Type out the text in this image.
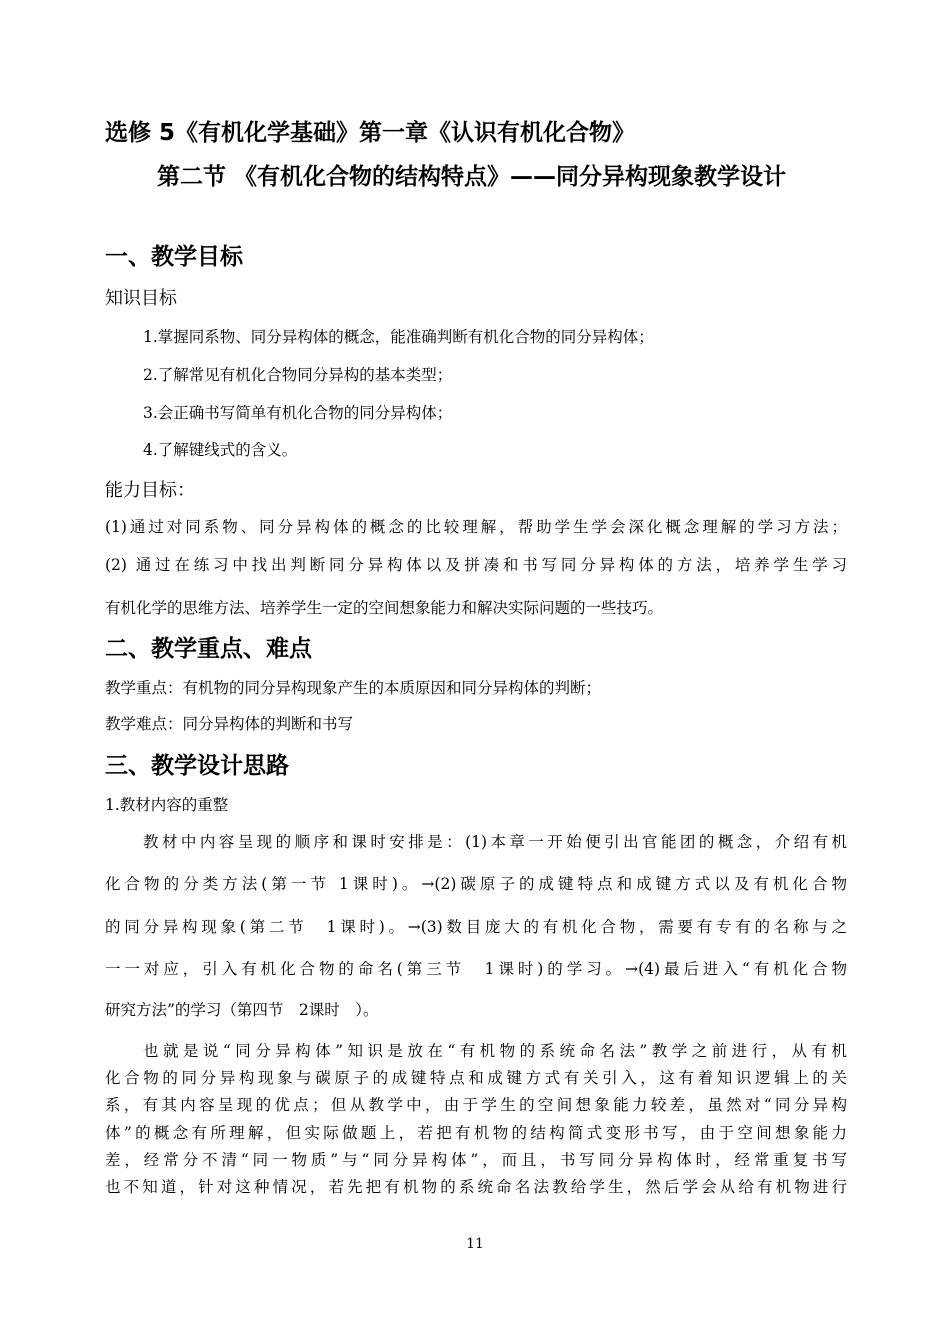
选修 5《有机化学基础》第一章《认识有机化合物》
第二节 《有机化合物的结构特点》——同分异构现象教学设计
一、教学目标
知识目标
1.掌握同系物、同分异构体的概念，能准确判断有机化合物的同分异构体；
2.了解常见有机化合物同分异构的基本类型；
3.会正确书写简单有机化合物的同分异构体；
4.了解键线式的含义。
能力目标：
(1)通过对同系物、同分异构体的概念的比较理解，帮助学生学会深化概念理解的学习方法；
(2) 通过在练习中找出判断同分异构体以及拼凑和书写同分异构体的方法，培养学生学习
有机化学的思维方法、培养学生一定的空间想象能力和解决实际问题的一些技巧。
二、教学重点、难点
教学重点：有机物的同分异构现象产生的本质原因和同分异构体的判断；
教学难点：同分异构体的判断和书写
三、教学设计思路
1.教材内容的重整
教材中内容呈现的顺序和课时安排是：(1)本章一开始便引出官能团的概念，介绍有机
化合物的分类方法(第一节 1课时)。→(2)碳原子的成键特点和成键方式以及有机化合物
的同分异构现象(第二节　1课时)。→(3)数目庞大的有机化合物，需要有专有的名称与之
一一对应，引入有机化合物的命名(第三节　1课时)的学习。→(4)最后进入“有机化合物
研究方法”的学习（第四节　2课时　）。
也就是说“同分异构体”知识是放在“有机物的系统命名法”教学之前进行，从有机
化合物的同分异构现象与碳原子的成键特点和成键方式有关引入，这有着知识逻辑上的关
系，有其内容呈现的优点；但从教学中，由于学生的空间想象能力较差，虽然对“同分异构
体”的概念有所理解，但实际做题上，若把有机物的结构简式变形书写，由于空间想象能力
差，经常分不清“同一物质”与“同分异构体”，而且，书写同分异构体时，经常重复书写
也不知道，针对这种情况，若先把有机物的系统命名法教给学生，然后学会从给有机物进行
11
